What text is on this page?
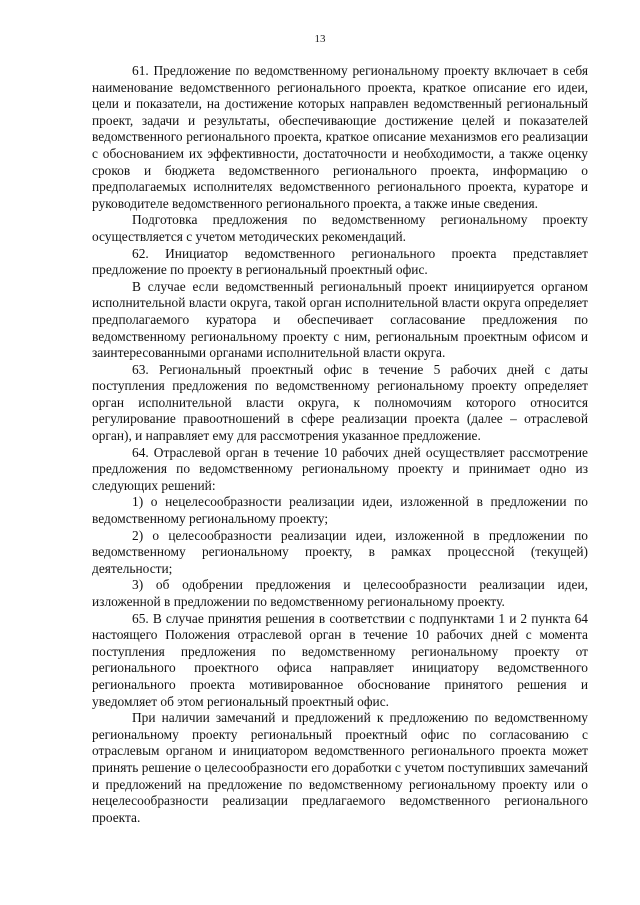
13

61. Предложение по ведомственному региональному проекту включает в себя наименование ведомственного регионального проекта, краткое описание его идеи, цели и показатели, на достижение которых направлен ведомственный региональный проект, задачи и результаты, обеспечивающие достижение целей и показателей ведомственного регионального проекта, краткое описание механизмов его реализации с обоснованием их эффективности, достаточности и необходимости, а также оценку сроков и бюджета ведомственного регионального проекта, информацию о предполагаемых исполнителях ведомственного регионального проекта, кураторе и руководителе ведомственного регионального проекта, а также иные сведения.

Подготовка предложения по ведомственному региональному проекту осуществляется с учетом методических рекомендаций.

62. Инициатор ведомственного регионального проекта представляет предложение по проекту в региональный проектный офис.

В случае если ведомственный региональный проект инициируется органом исполнительной власти округа, такой орган исполнительной власти округа определяет предполагаемого куратора и обеспечивает согласование предложения по ведомственному региональному проекту с ним, региональным проектным офисом и заинтересованными органами исполнительной власти округа.

63. Региональный проектный офис в течение 5 рабочих дней с даты поступления предложения по ведомственному региональному проекту определяет орган исполнительной власти округа, к полномочиям которого относится регулирование правоотношений в сфере реализации проекта (далее – отраслевой орган), и направляет ему для рассмотрения указанное предложение.

64. Отраслевой орган в течение 10 рабочих дней осуществляет рассмотрение предложения по ведомственному региональному проекту и принимает одно из следующих решений:

1) о нецелесообразности реализации идеи, изложенной в предложении по ведомственному региональному проекту;

2) о целесообразности реализации идеи, изложенной в предложении по ведомственному региональному проекту, в рамках процессной (текущей) деятельности;

3) об одобрении предложения и целесообразности реализации идеи, изложенной в предложении по ведомственному региональному проекту.

65. В случае принятия решения в соответствии с подпунктами 1 и 2 пункта 64 настоящего Положения отраслевой орган в течение 10 рабочих дней с момента поступления предложения по ведомственному региональному проекту от регионального проектного офиса направляет инициатору ведомственного регионального проекта мотивированное обоснование принятого решения и уведомляет об этом региональный проектный офис.

При наличии замечаний и предложений к предложению по ведомственному региональному проекту региональный проектный офис по согласованию с отраслевым органом и инициатором ведомственного регионального проекта может принять решение о целесообразности его доработки с учетом поступивших замечаний и предложений на предложение по ведомственному региональному проекту или о нецелесообразности реализации предлагаемого ведомственного регионального проекта.
